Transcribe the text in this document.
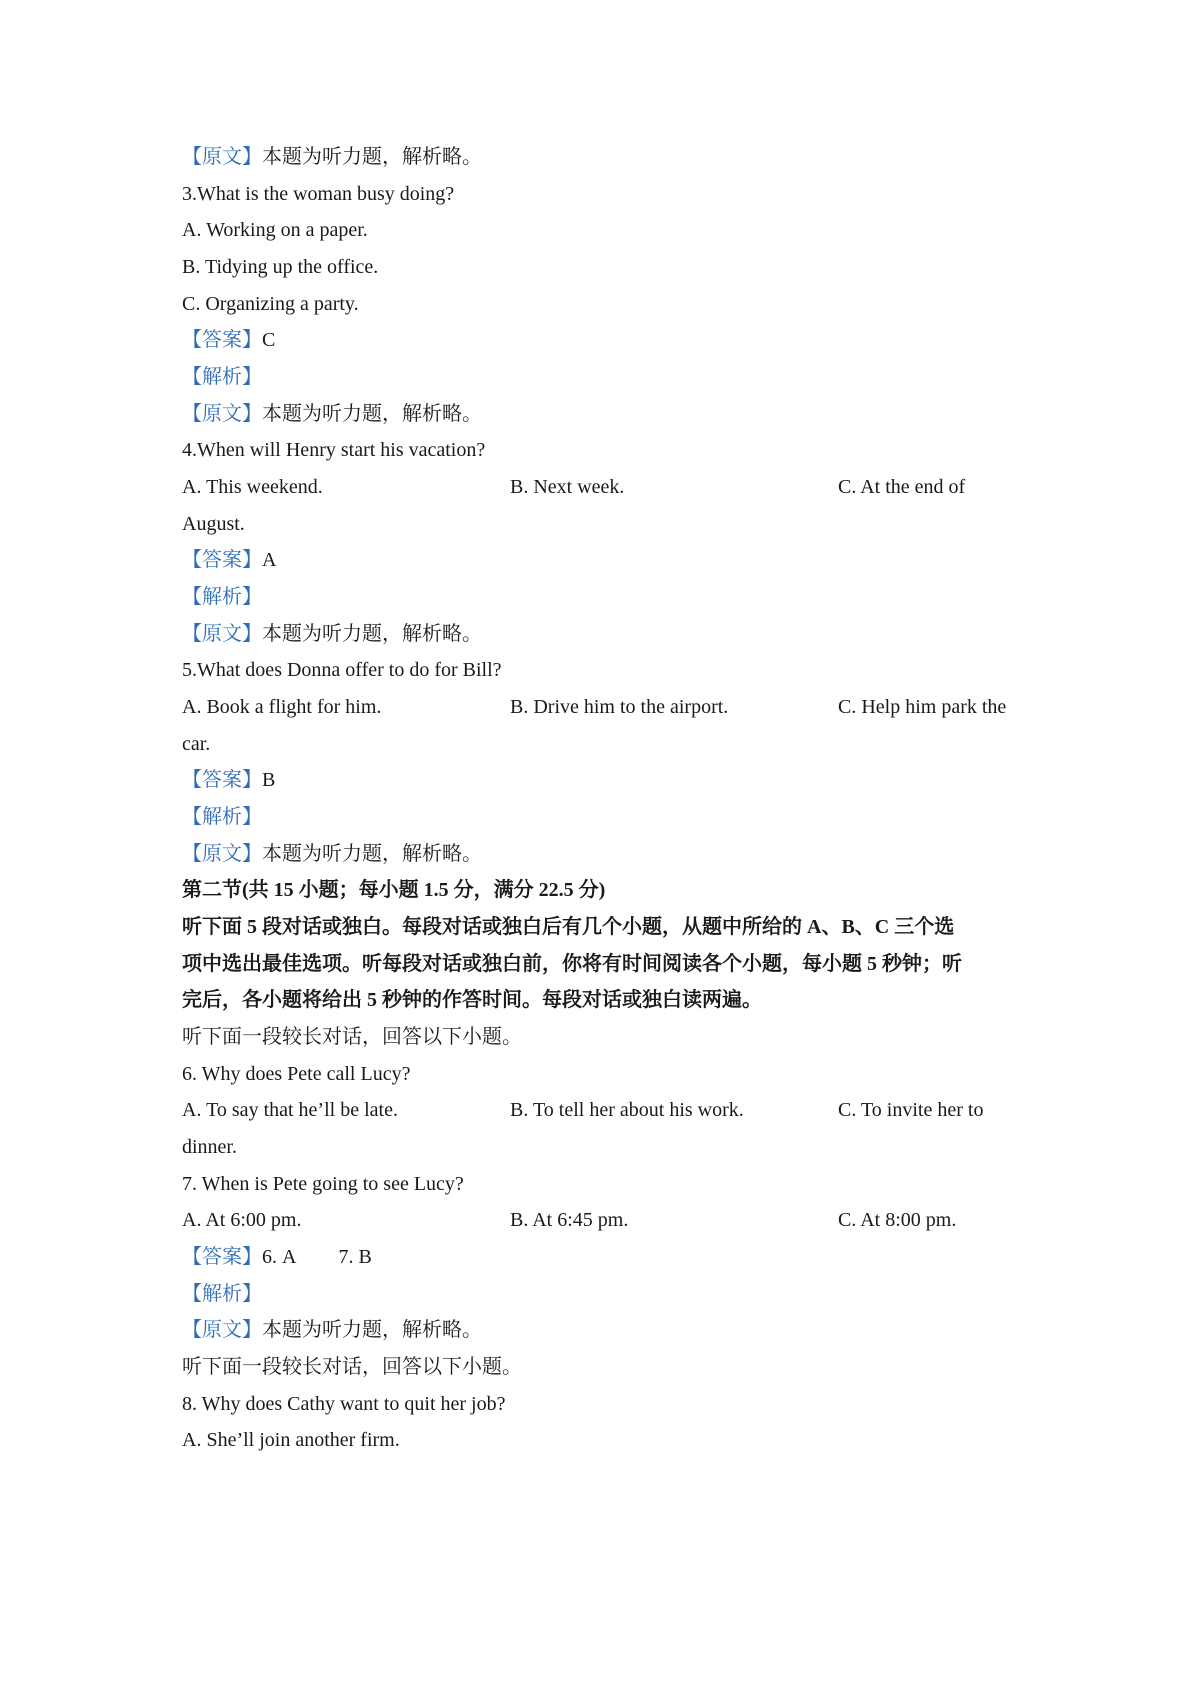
【原文】本题为听力题，解析略。
3.What is the woman busy doing?
A. Working on a paper.
B. Tidying up the office.
C. Organizing a party.
【答案】C
【解析】
【原文】本题为听力题，解析略。
4.When will Henry start his vacation?
A. This weekend.	B. Next week.	C. At the end of
August.
【答案】A
【解析】
【原文】本题为听力题，解析略。
5.What does Donna offer to do for Bill?
A. Book a flight for him.	B. Drive him to the airport.	C. Help him park the
car.
【答案】B
【解析】
【原文】本题为听力题，解析略。
第二节(共 15 小题；每小题 1.5 分，满分 22.5 分)
听下面 5 段对话或独白。每段对话或独白后有几个小题，从题中所给的 A、B、C 三个选
项中选出最佳选项。听每段对话或独白前，你将有时间阅读各个小题，每小题 5 秒钟；听
完后，各小题将给出 5 秒钟的作答时间。每段对话或独白读两遍。
听下面一段较长对话，回答以下小题。
6. Why does Pete call Lucy?
A. To say that he’ll be late.	B. To tell her about his work.	C. To invite her to
dinner.
7. When is Pete going to see Lucy?
A. At 6:00 pm.	B. At 6:45 pm.	C. At 8:00 pm.
【答案】6. A 7. B
【解析】
【原文】本题为听力题，解析略。
听下面一段较长对话，回答以下小题。
8. Why does Cathy want to quit her job?
A. She’ll join another firm.
